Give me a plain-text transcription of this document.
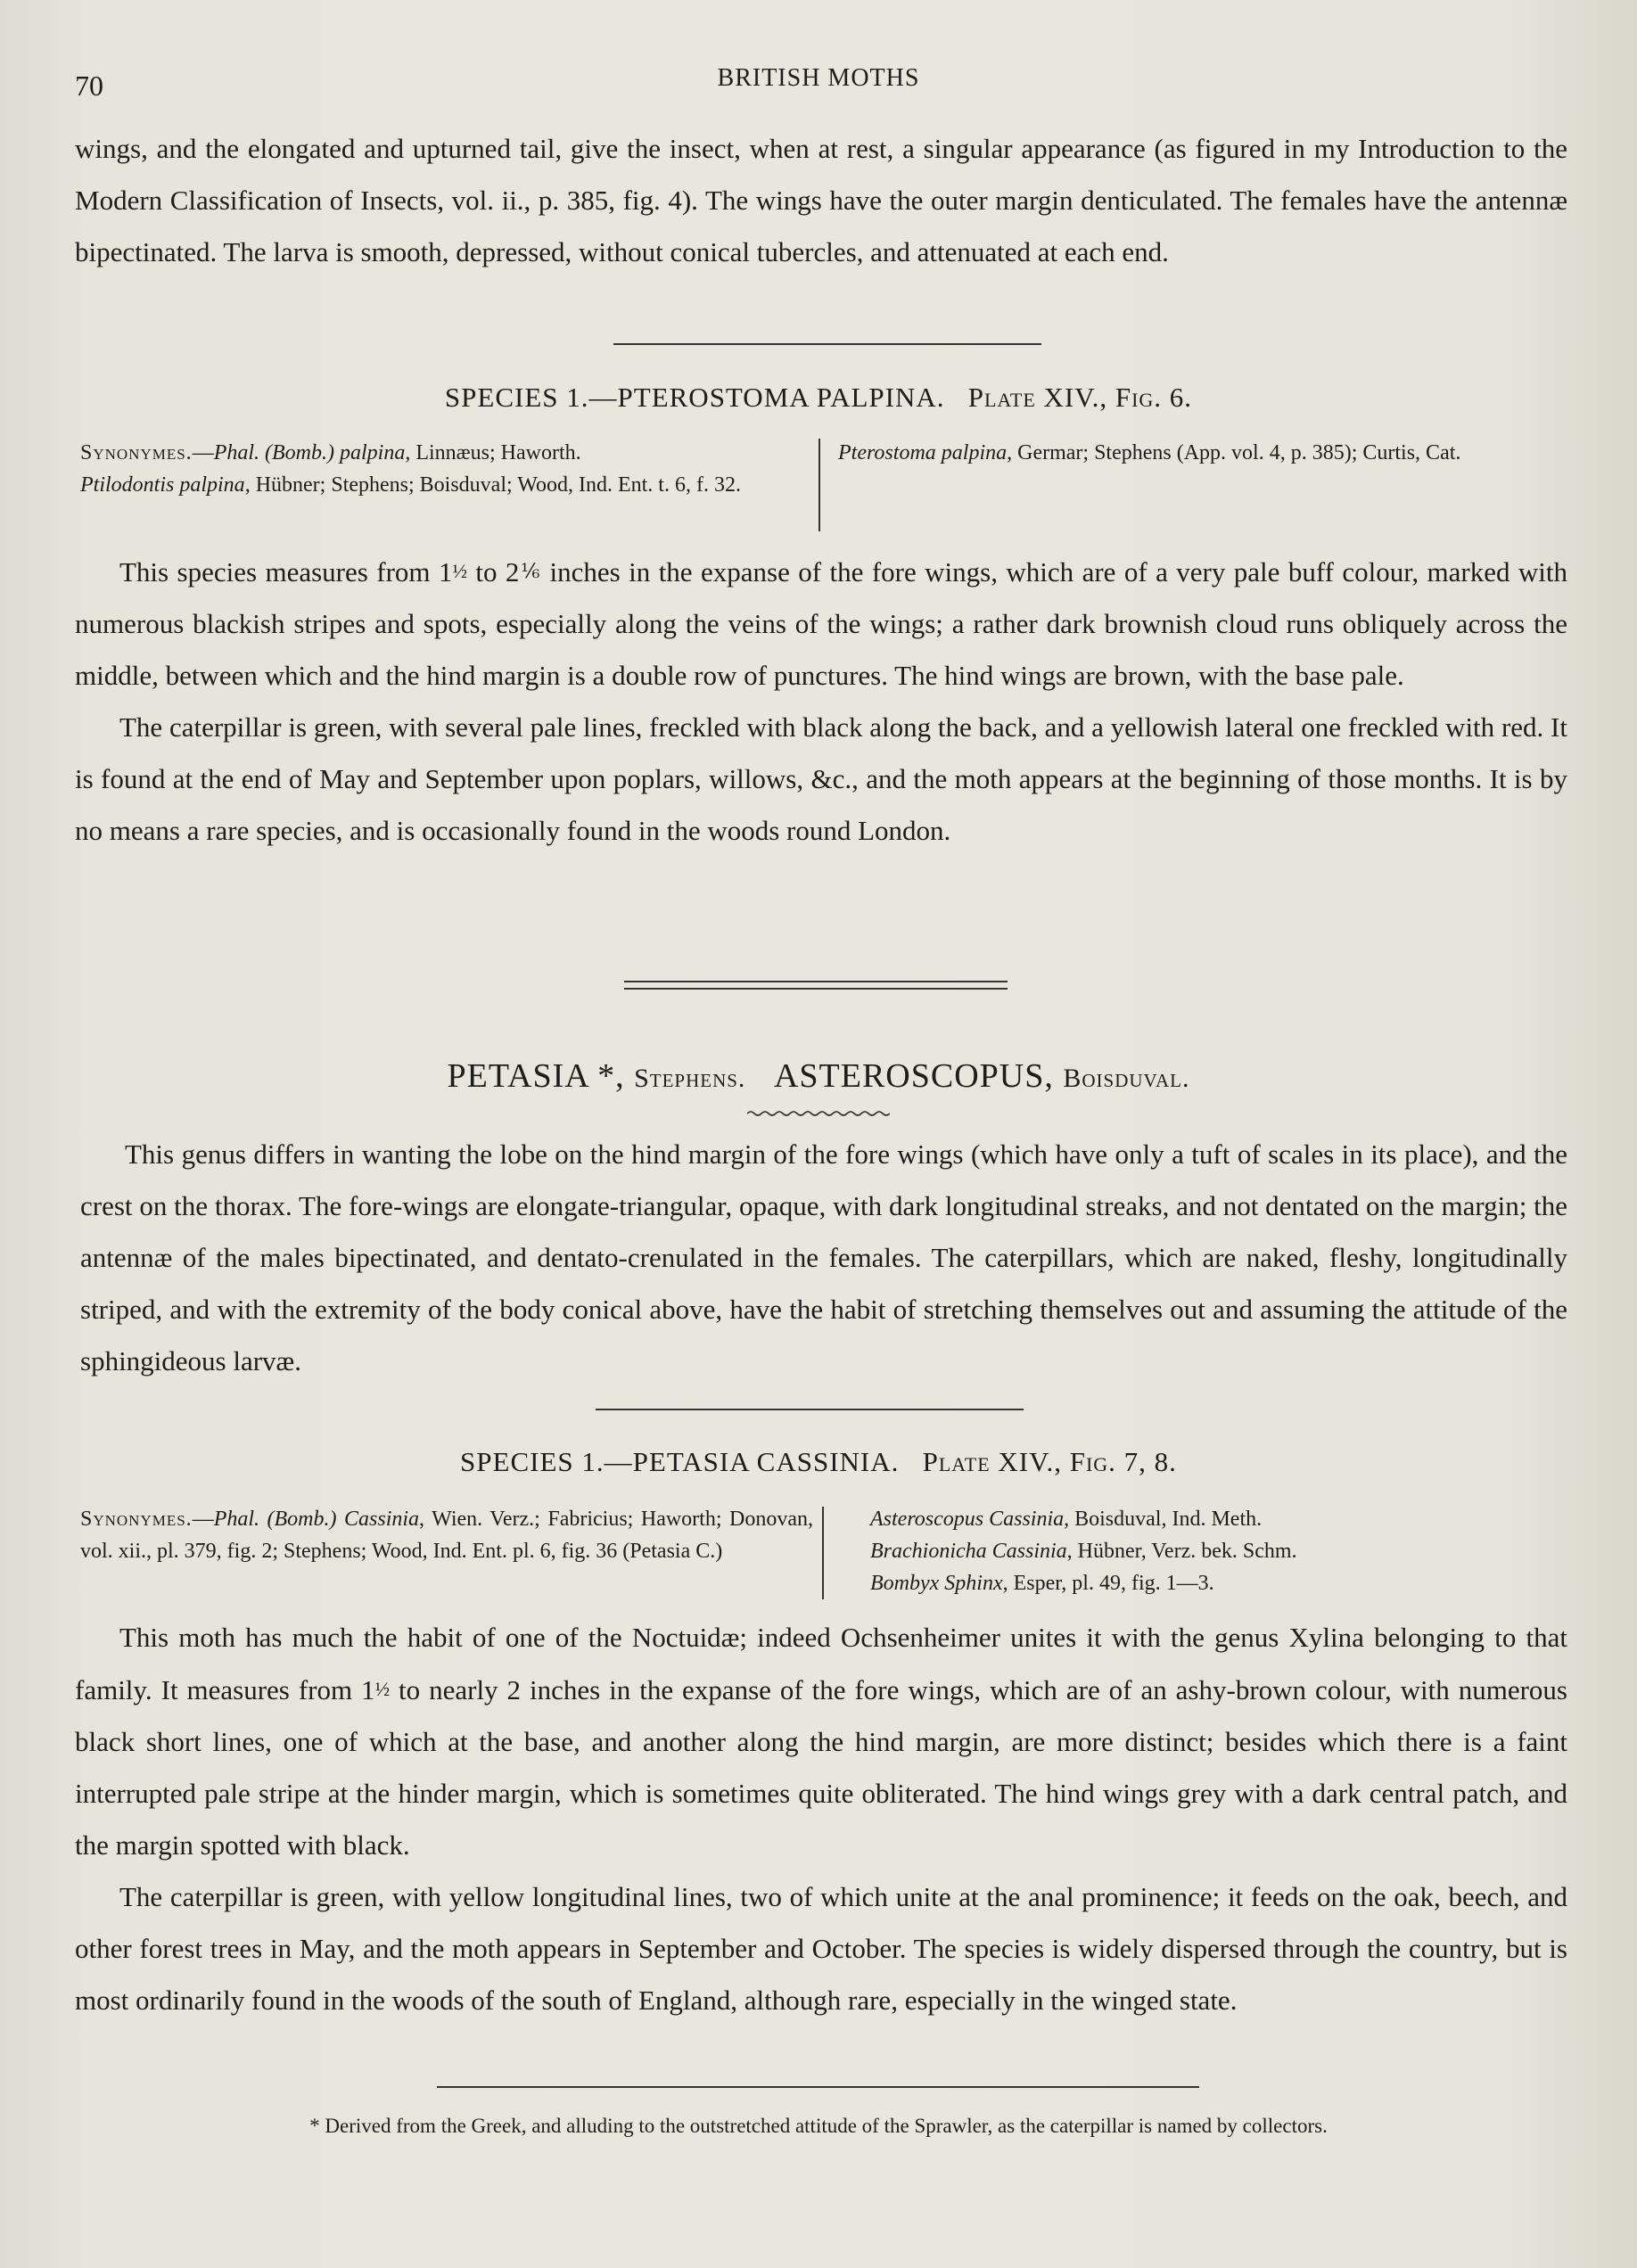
70	BRITISH MOTHS

wings, and the elongated and upturned tail, give the insect, when at rest, a singular appearance (as figured in my Introduction to the Modern Classification of Insects, vol. ii., p. 385, fig. 4). The wings have the outer margin denticulated. The females have the antennæ bipectinated. The larva is smooth, depressed, without conical tubercles, and attenuated at each end.

SPECIES 1.—PTEROSTOMA PALPINA. Plate XIV., Fig. 6.
Synonymes.—Phal. (Bomb.) palpina, Linnæus; Haworth.
Ptilodontis palpina, Hübner; Stephens; Boisduval; Wood, Ind. Ent. t. 6, f. 32.
Pterostoma palpina, Germar; Stephens (App. vol. 4, p. 385); Curtis, Cat.

This species measures from 1½ to 2⅙ inches in the expanse of the fore wings, which are of a very pale buff colour, marked with numerous blackish stripes and spots, especially along the veins of the wings; a rather dark brownish cloud runs obliquely across the middle, between which and the hind margin is a double row of punctures. The hind wings are brown, with the base pale.

The caterpillar is green, with several pale lines, freckled with black along the back, and a yellowish lateral one freckled with red. It is found at the end of May and September upon poplars, willows, &c., and the moth appears at the beginning of those months. It is by no means a rare species, and is occasionally found in the woods round London.

PETASIA *, Stephens. ASTEROSCOPUS, Boisduval.

This genus differs in wanting the lobe on the hind margin of the fore wings (which have only a tuft of scales in its place), and the crest on the thorax. The fore-wings are elongate-triangular, opaque, with dark longitudinal streaks, and not dentated on the margin; the antennæ of the males bipectinated, and dentato-crenulated in the females. The caterpillars, which are naked, fleshy, longitudinally striped, and with the extremity of the body conical above, have the habit of stretching themselves out and assuming the attitude of the sphingideous larvæ.

SPECIES 1.—PETASIA CASSINIA. Plate XIV., Fig. 7, 8.
Synonymes.—Phal. (Bomb.) Cassinia, Wien. Verz.; Fabricius; Haworth; Donovan, vol. xii., pl. 379, fig. 2; Stephens; Wood, Ind. Ent. pl. 6, fig. 36 (Petasia C.)
Asteroscopus Cassinia, Boisduval, Ind. Meth.
Brachionicha Cassinia, Hübner, Verz. bek. Schm.
Bombyx Sphinx, Esper, pl. 49, fig. 1—3.

This moth has much the habit of one of the Noctuidæ; indeed Ochsenheimer unites it with the genus Xylina belonging to that family. It measures from 1½ to nearly 2 inches in the expanse of the fore wings, which are of an ashy-brown colour, with numerous black short lines, one of which at the base, and another along the hind margin, are more distinct; besides which there is a faint interrupted pale stripe at the hinder margin, which is sometimes quite obliterated. The hind wings grey with a dark central patch, and the margin spotted with black.

The caterpillar is green, with yellow longitudinal lines, two of which unite at the anal prominence; it feeds on the oak, beech, and other forest trees in May, and the moth appears in September and October. The species is widely dispersed through the country, but is most ordinarily found in the woods of the south of England, although rare, especially in the winged state.

* Derived from the Greek, and alluding to the outstretched attitude of the Sprawler, as the caterpillar is named by collectors.
